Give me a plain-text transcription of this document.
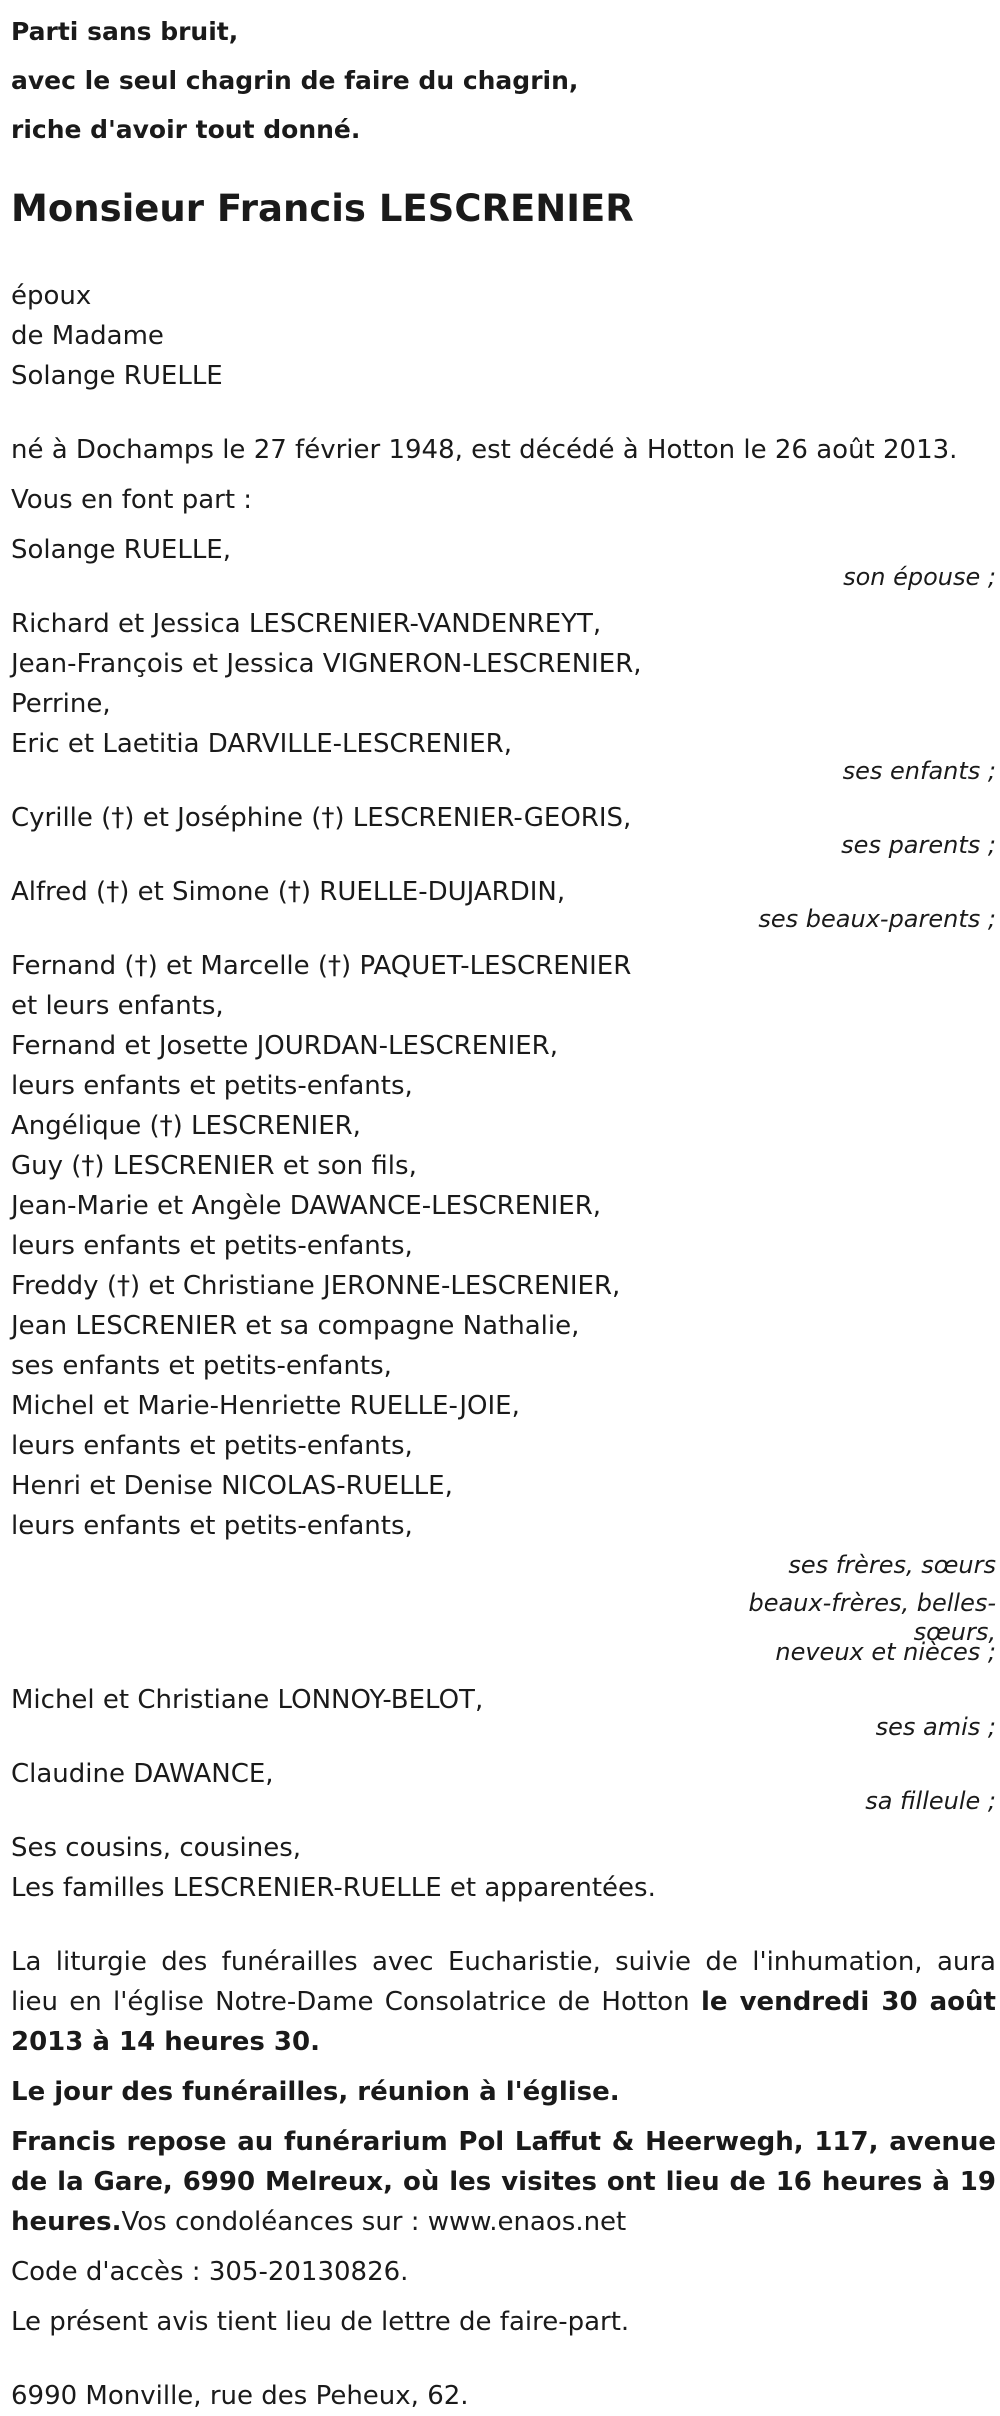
Parti sans bruit,
avec le seul chagrin de faire du chagrin,
riche d'avoir tout donné.
Monsieur Francis LESCRENIER
époux
de Madame
Solange RUELLE
né à Dochamps le 27 février 1948, est décédé à Hotton le 26 août 2013.
Vous en font part :
Solange RUELLE,
son épouse ;
Richard et Jessica LESCRENIER-VANDENREYT,
Jean-François et Jessica VIGNERON-LESCRENIER,
Perrine,
Eric et Laetitia DARVILLE-LESCRENIER,
ses enfants ;
Cyrille (†) et Joséphine (†) LESCRENIER-GEORIS,
ses parents ;
Alfred (†) et Simone (†) RUELLE-DUJARDIN,
ses beaux-parents ;
Fernand (†) et Marcelle (†) PAQUET-LESCRENIER
et leurs enfants,
Fernand et Josette JOURDAN-LESCRENIER,
leurs enfants et petits-enfants,
Angélique (†) LESCRENIER,
Guy (†) LESCRENIER et son fils,
Jean-Marie et Angèle DAWANCE-LESCRENIER,
leurs enfants et petits-enfants,
Freddy (†) et Christiane JERONNE-LESCRENIER,
Jean LESCRENIER et sa compagne Nathalie,
ses enfants et petits-enfants,
Michel et Marie-Henriette RUELLE-JOIE,
leurs enfants et petits-enfants,
Henri et Denise NICOLAS-RUELLE,
leurs enfants et petits-enfants,
ses frères, sœurs
beaux-frères, belles-
sœurs,
neveux et nièces ;
Michel et Christiane LONNOY-BELOT,
ses amis ;
Claudine DAWANCE,
sa filleule ;
Ses cousins, cousines,
Les familles LESCRENIER-RUELLE et apparentées.

La liturgie des funérailles avec Eucharistie, suivie de l'inhumation, aura lieu en l'église Notre-Dame Consolatrice de Hotton le vendredi 30 août 2013 à 14 heures 30.

Le jour des funérailles, réunion à l'église.

Francis repose au funérarium Pol Laffut & Heerwegh, 117, avenue de la Gare, 6990 Melreux, où les visites ont lieu de 16 heures à 19 heures.Vos condoléances sur : www.enaos.net

Code d'accès : 305-20130826.
Le présent avis tient lieu de lettre de faire-part.
6990 Monville, rue des Peheux, 62.
